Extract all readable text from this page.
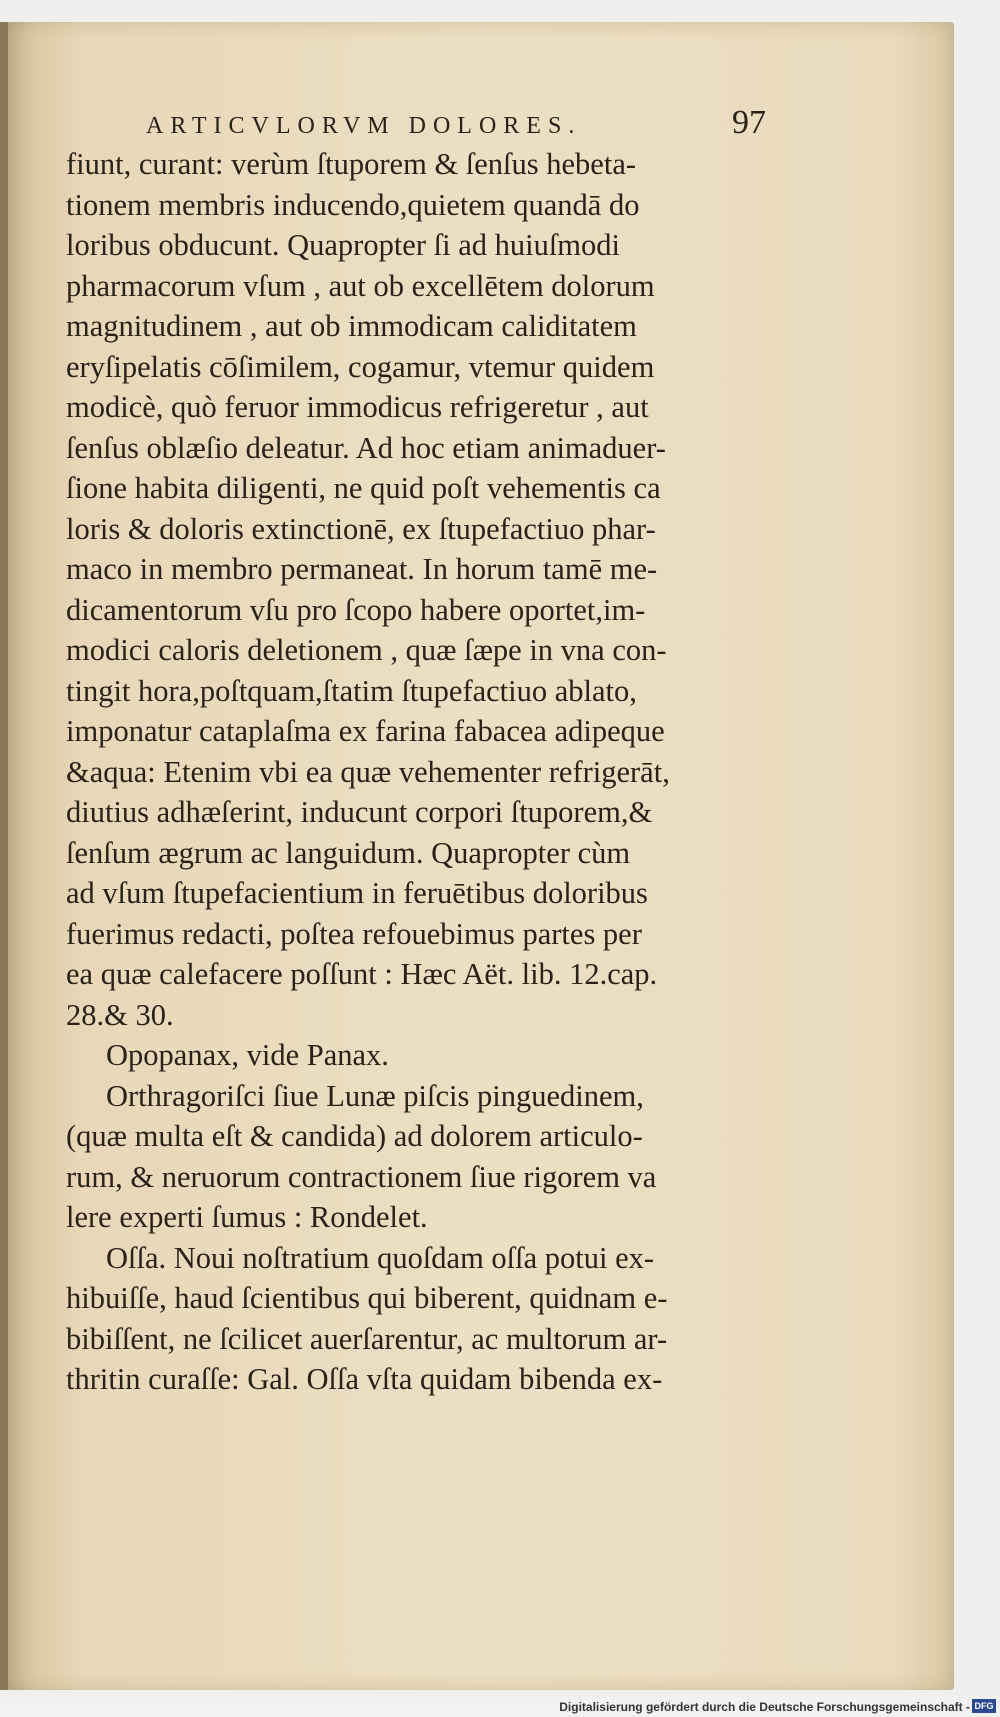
ARTICVLORVM DOLORES.	97
fiunt, curant: verùm ſtuporem & ſenſus hebeta-
tionem membris inducendo,quietem quandā do
loribus obducunt. Quapropter ſi ad huiuſmodi
pharmacorum vſum , aut ob excellētem dolorum
magnitudinem , aut ob immodicam caliditatem
eryſipelatis cōſimilem, cogamur, vtemur quidem
modicè, quò feruor immodicus refrigeretur , aut
ſenſus oblæſio deleatur. Ad hoc etiam animaduer-
ſione habita diligenti, ne quid poſt vehementis ca
loris & doloris extinctionē, ex ſtupefactiuo phar-
maco in membro permaneat. In horum tamē me-
dicamentorum vſu pro ſcopo habere oportet,im-
modici caloris deletionem , quæ ſæpe in vna con-
tingit hora,poſtquam,ſtatim ſtupefactiuo ablato,
imponatur cataplaſma ex farina fabacea adipeque
&aqua: Etenim vbi ea quæ vehementer refrigerāt,
diutius adhæſerint, inducunt corpori ſtuporem,&
ſenſum ægrum ac languidum. Quapropter cùm
ad vſum ſtupefacientium in feruētibus doloribus
fuerimus redacti, poſtea refouebimus partes per
ea quæ calefacere poſſunt : Hæc Aët. lib. 12.cap.
28.& 30.
Opopanax, vide Panax.
Orthragoriſci ſiue Lunæ piſcis pinguedinem,
(quæ multa eſt & candida) ad dolorem articulo-
rum, & neruorum contractionem ſiue rigorem va
lere experti ſumus : Rondelet.
Oſſa. Noui noſtratium quoſdam oſſa potui ex-
hibuiſſe, haud ſcientibus qui biberent, quidnam e-
bibiſſent, ne ſcilicet auerſarentur, ac multorum ar-
thritin curaſſe: Gal. Oſſa vſta quidam bibenda ex-
Digitalisierung gefördert durch die Deutsche Forschungsgemeinschaft - DFG
